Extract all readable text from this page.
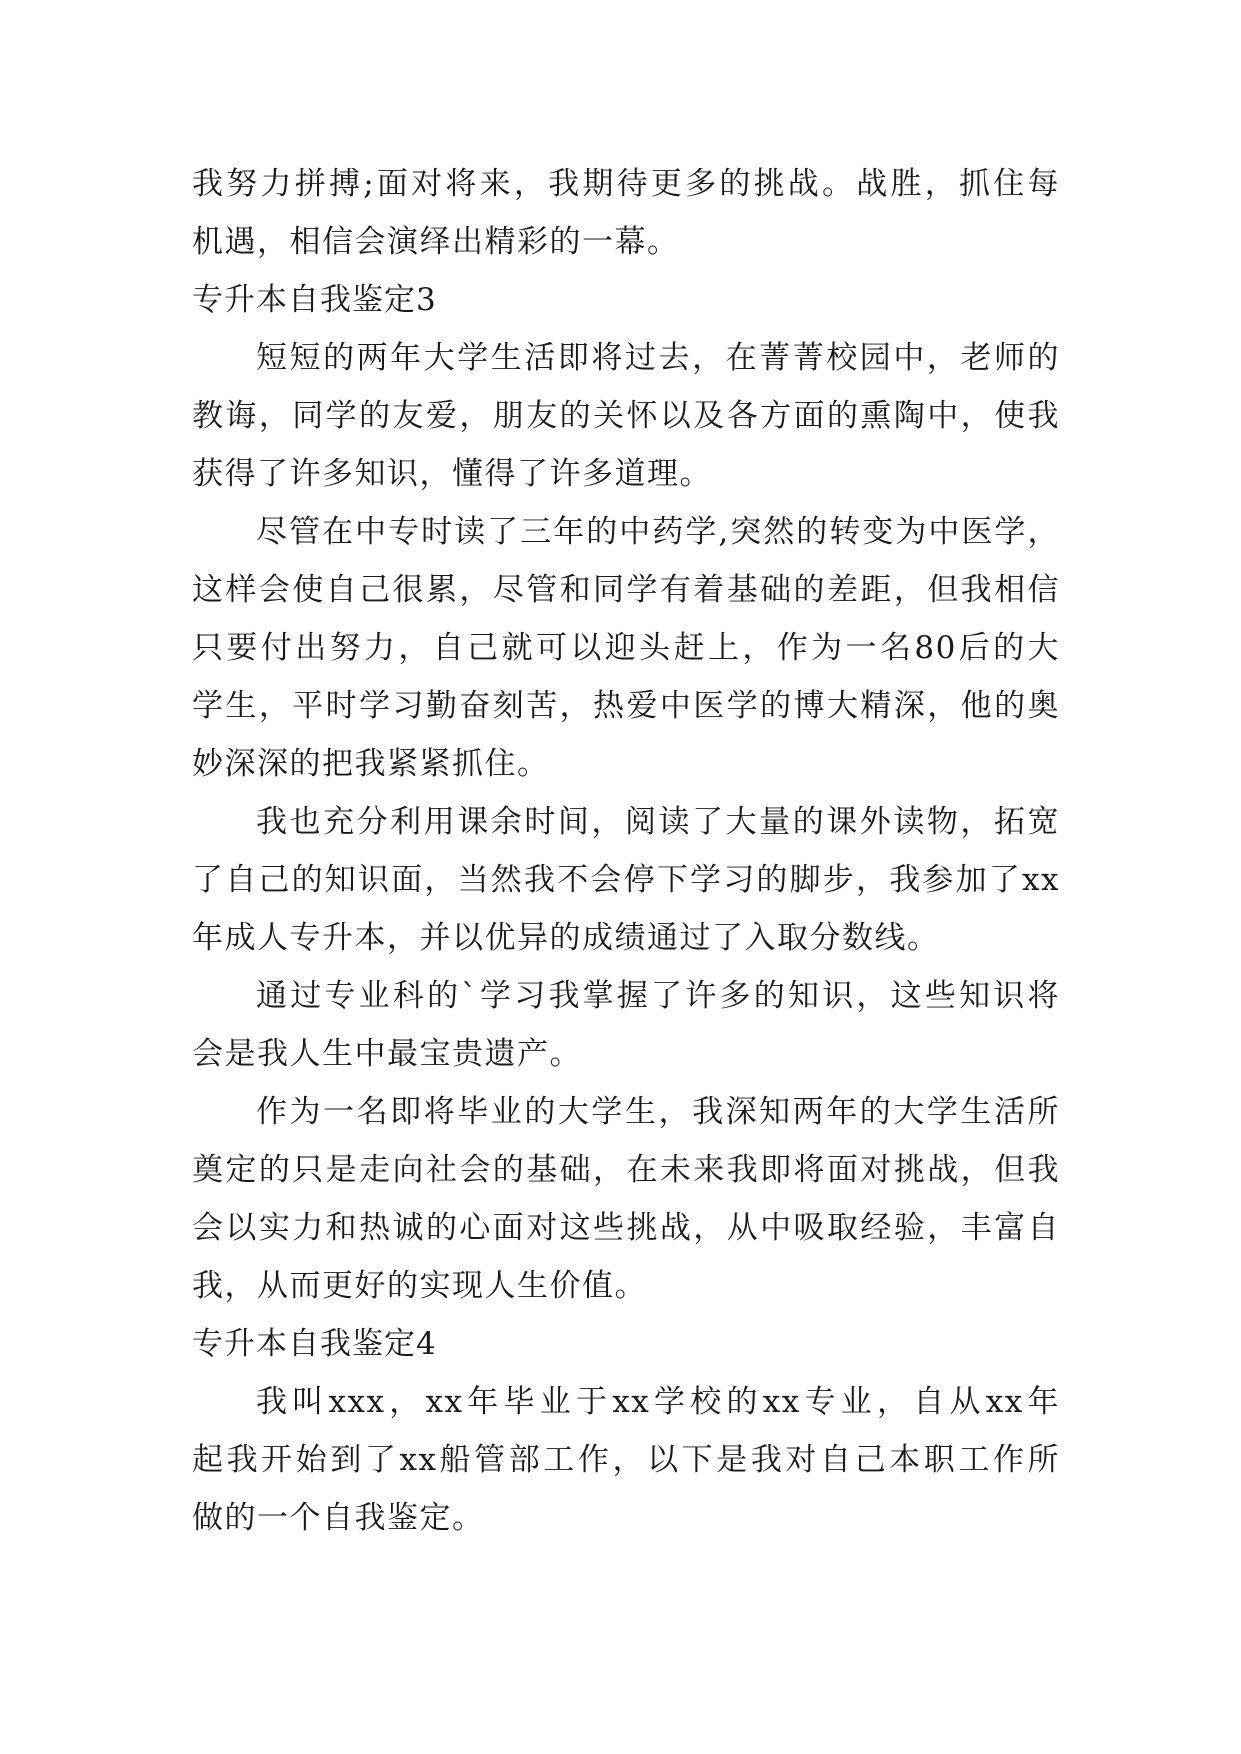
我努力拼搏;面对将来，我期待更多的挑战。战胜，抓住每
机遇，相信会演绎出精彩的一幕。
专升本自我鉴定3
短短的两年大学生活即将过去，在菁菁校园中，老师的
教诲，同学的友爱，朋友的关怀以及各方面的熏陶中，使我
获得了许多知识，懂得了许多道理。
尽管在中专时读了三年的中药学,突然的转变为中医学，
这样会使自己很累，尽管和同学有着基础的差距，但我相信
只要付出努力，自己就可以迎头赶上，作为一名80后的大
学生，平时学习勤奋刻苦，热爱中医学的博大精深，他的奥
妙深深的把我紧紧抓住。
我也充分利用课余时间，阅读了大量的课外读物，拓宽
了自己的知识面，当然我不会停下学习的脚步，我参加了xx
年成人专升本，并以优异的成绩通过了入取分数线。
通过专业科的`学习我掌握了许多的知识，这些知识将
会是我人生中最宝贵遗产。
作为一名即将毕业的大学生，我深知两年的大学生活所
奠定的只是走向社会的基础，在未来我即将面对挑战，但我
会以实力和热诚的心面对这些挑战，从中吸取经验，丰富自
我，从而更好的实现人生价值。
专升本自我鉴定4
我叫xxx，xx年毕业于xx学校的xx专业，自从xx年
起我开始到了xx船管部工作，以下是我对自己本职工作所
做的一个自我鉴定。
